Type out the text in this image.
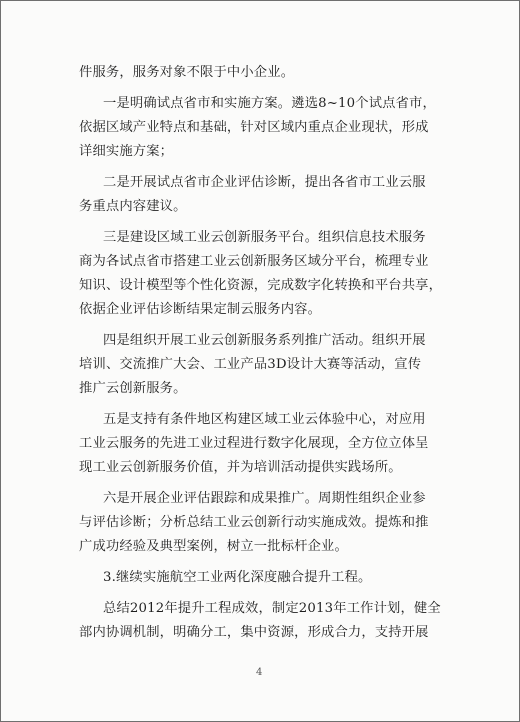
件服务，服务对象不限于中小企业。
一是明确试点省市和实施方案。遴选8~10个试点省市，
依据区域产业特点和基础，针对区域内重点企业现状，形成
详细实施方案；
二是开展试点省市企业评估诊断，提出各省市工业云服
务重点内容建议。
三是建设区域工业云创新服务平台。组织信息技术服务
商为各试点省市搭建工业云创新服务区域分平台，梳理专业
知识、设计模型等个性化资源，完成数字化转换和平台共享，
依据企业评估诊断结果定制云服务内容。
四是组织开展工业云创新服务系列推广活动。组织开展
培训、交流推广大会、工业产品3D设计大赛等活动，宣传
推广云创新服务。
五是支持有条件地区构建区域工业云体验中心，对应用
工业云服务的先进工业过程进行数字化展现，全方位立体呈
现工业云创新服务价值，并为培训活动提供实践场所。
六是开展企业评估跟踪和成果推广。周期性组织企业参
与评估诊断；分析总结工业云创新行动实施成效。提炼和推
广成功经验及典型案例，树立一批标杆企业。
3.继续实施航空工业两化深度融合提升工程。
总结2012年提升工程成效，制定2013年工作计划，健全
部内协调机制，明确分工，集中资源，形成合力，支持开展
4
